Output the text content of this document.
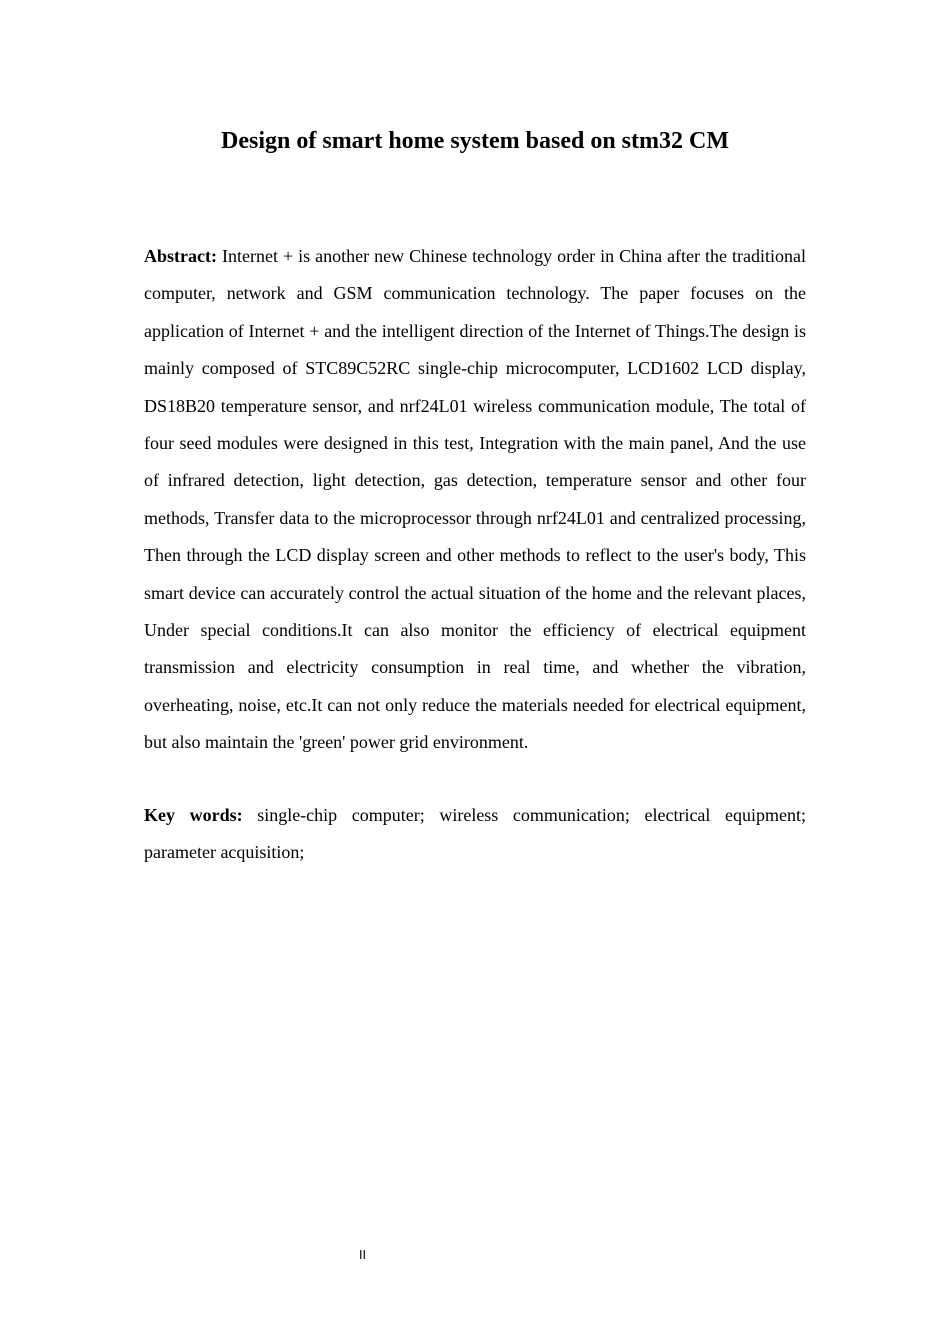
Design of smart home system based on stm32 CM

Abstract: Internet + is another new Chinese technology order in China after the traditional computer, network and GSM communication technology. The paper focuses on the application of Internet + and the intelligent direction of the Internet of Things.The design is mainly composed of STC89C52RC single-chip microcomputer, LCD1602 LCD display, DS18B20 temperature sensor, and nrf24L01 wireless communication module, The total of four seed modules were designed in this test, Integration with the main panel, And the use of infrared detection, light detection, gas detection, temperature sensor and other four methods, Transfer data to the microprocessor through nrf24L01 and centralized processing, Then through the LCD display screen and other methods to reflect to the user's body, This smart device can accurately control the actual situation of the home and the relevant places, Under special conditions.It can also monitor the efficiency of electrical equipment transmission and electricity consumption in real time, and whether the vibration, overheating, noise, etc.It can not only reduce the materials needed for electrical equipment, but also maintain the 'green' power grid environment.

Key words: single-chip computer; wireless communication; electrical equipment; parameter acquisition;

II
